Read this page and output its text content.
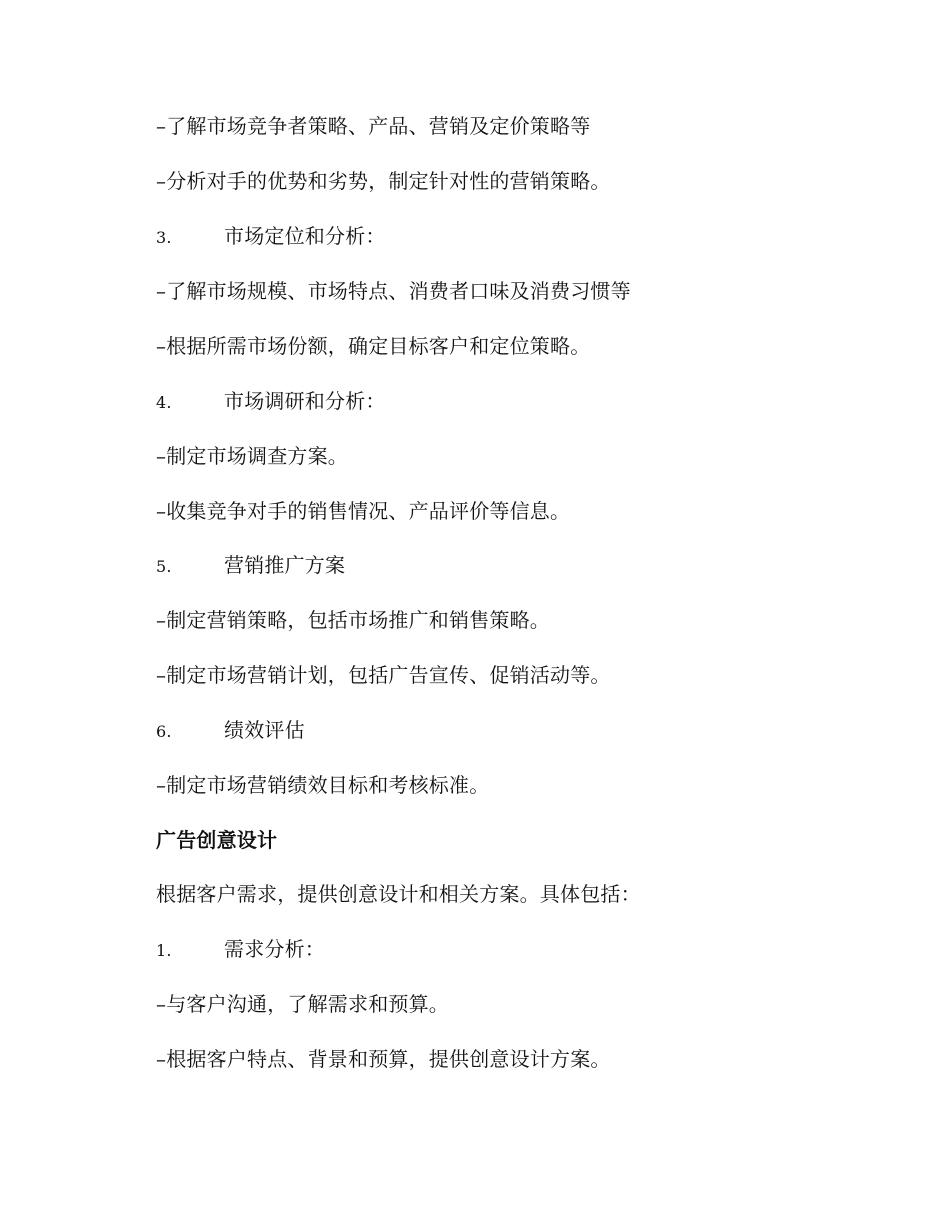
–了解市场竞争者策略、产品、营销及定价策略等
–分析对手的优势和劣势，制定针对性的营销策略。
3.	市场定位和分析：
–了解市场规模、市场特点、消费者口味及消费习惯等
–根据所需市场份额，确定目标客户和定位策略。
4.	市场调研和分析：
–制定市场调查方案。
–收集竞争对手的销售情况、产品评价等信息。
5.	营销推广方案
–制定营销策略，包括市场推广和销售策略。
–制定市场营销计划，包括广告宣传、促销活动等。
6.	绩效评估
–制定市场营销绩效目标和考核标准。
广告创意设计
根据客户需求，提供创意设计和相关方案。具体包括：
1.	需求分析：
–与客户沟通，了解需求和预算。
–根据客户特点、背景和预算，提供创意设计方案。
